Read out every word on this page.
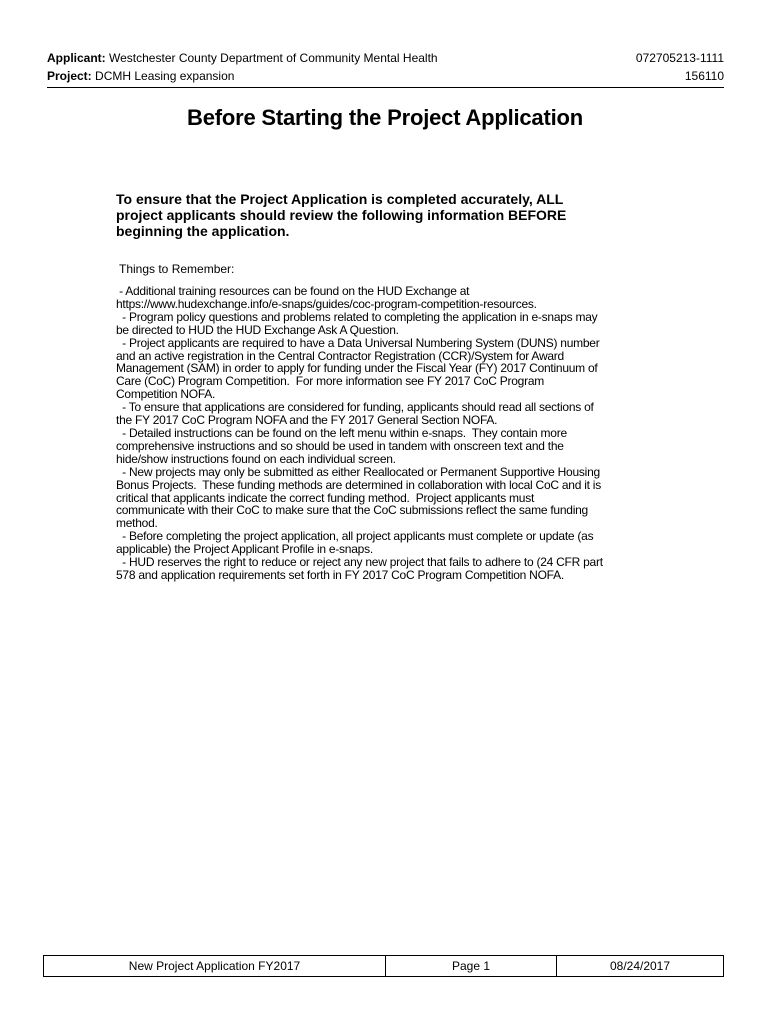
Applicant: Westchester County Department of Community Mental Health	072705213-1111
Project: DCMH Leasing expansion	156110
Before Starting the Project Application
To ensure that the Project Application is completed accurately, ALL
project applicants should review the following information BEFORE
beginning the application.
Things to Remember:
- Additional training resources can be found on the HUD Exchange at
https://www.hudexchange.info/e-snaps/guides/coc-program-competition-resources.
- Program policy questions and problems related to completing the application in e-snaps may
be directed to HUD the HUD Exchange Ask A Question.
- Project applicants are required to have a Data Universal Numbering System (DUNS) number
and an active registration in the Central Contractor Registration (CCR)/System for Award
Management (SAM) in order to apply for funding under the Fiscal Year (FY) 2017 Continuum of
Care (CoC) Program Competition.  For more information see FY 2017 CoC Program
Competition NOFA.
- To ensure that applications are considered for funding, applicants should read all sections of
the FY 2017 CoC Program NOFA and the FY 2017 General Section NOFA.
- Detailed instructions can be found on the left menu within e-snaps.  They contain more
comprehensive instructions and so should be used in tandem with onscreen text and the
hide/show instructions found on each individual screen.
- New projects may only be submitted as either Reallocated or Permanent Supportive Housing
Bonus Projects.  These funding methods are determined in collaboration with local CoC and it is
critical that applicants indicate the correct funding method.  Project applicants must
communicate with their CoC to make sure that the CoC submissions reflect the same funding
method.
- Before completing the project application, all project applicants must complete or update (as
applicable) the Project Applicant Profile in e-snaps.
- HUD reserves the right to reduce or reject any new project that fails to adhere to (24 CFR part
578 and application requirements set forth in FY 2017 CoC Program Competition NOFA.
New Project Application FY2017	Page 1	08/24/2017
